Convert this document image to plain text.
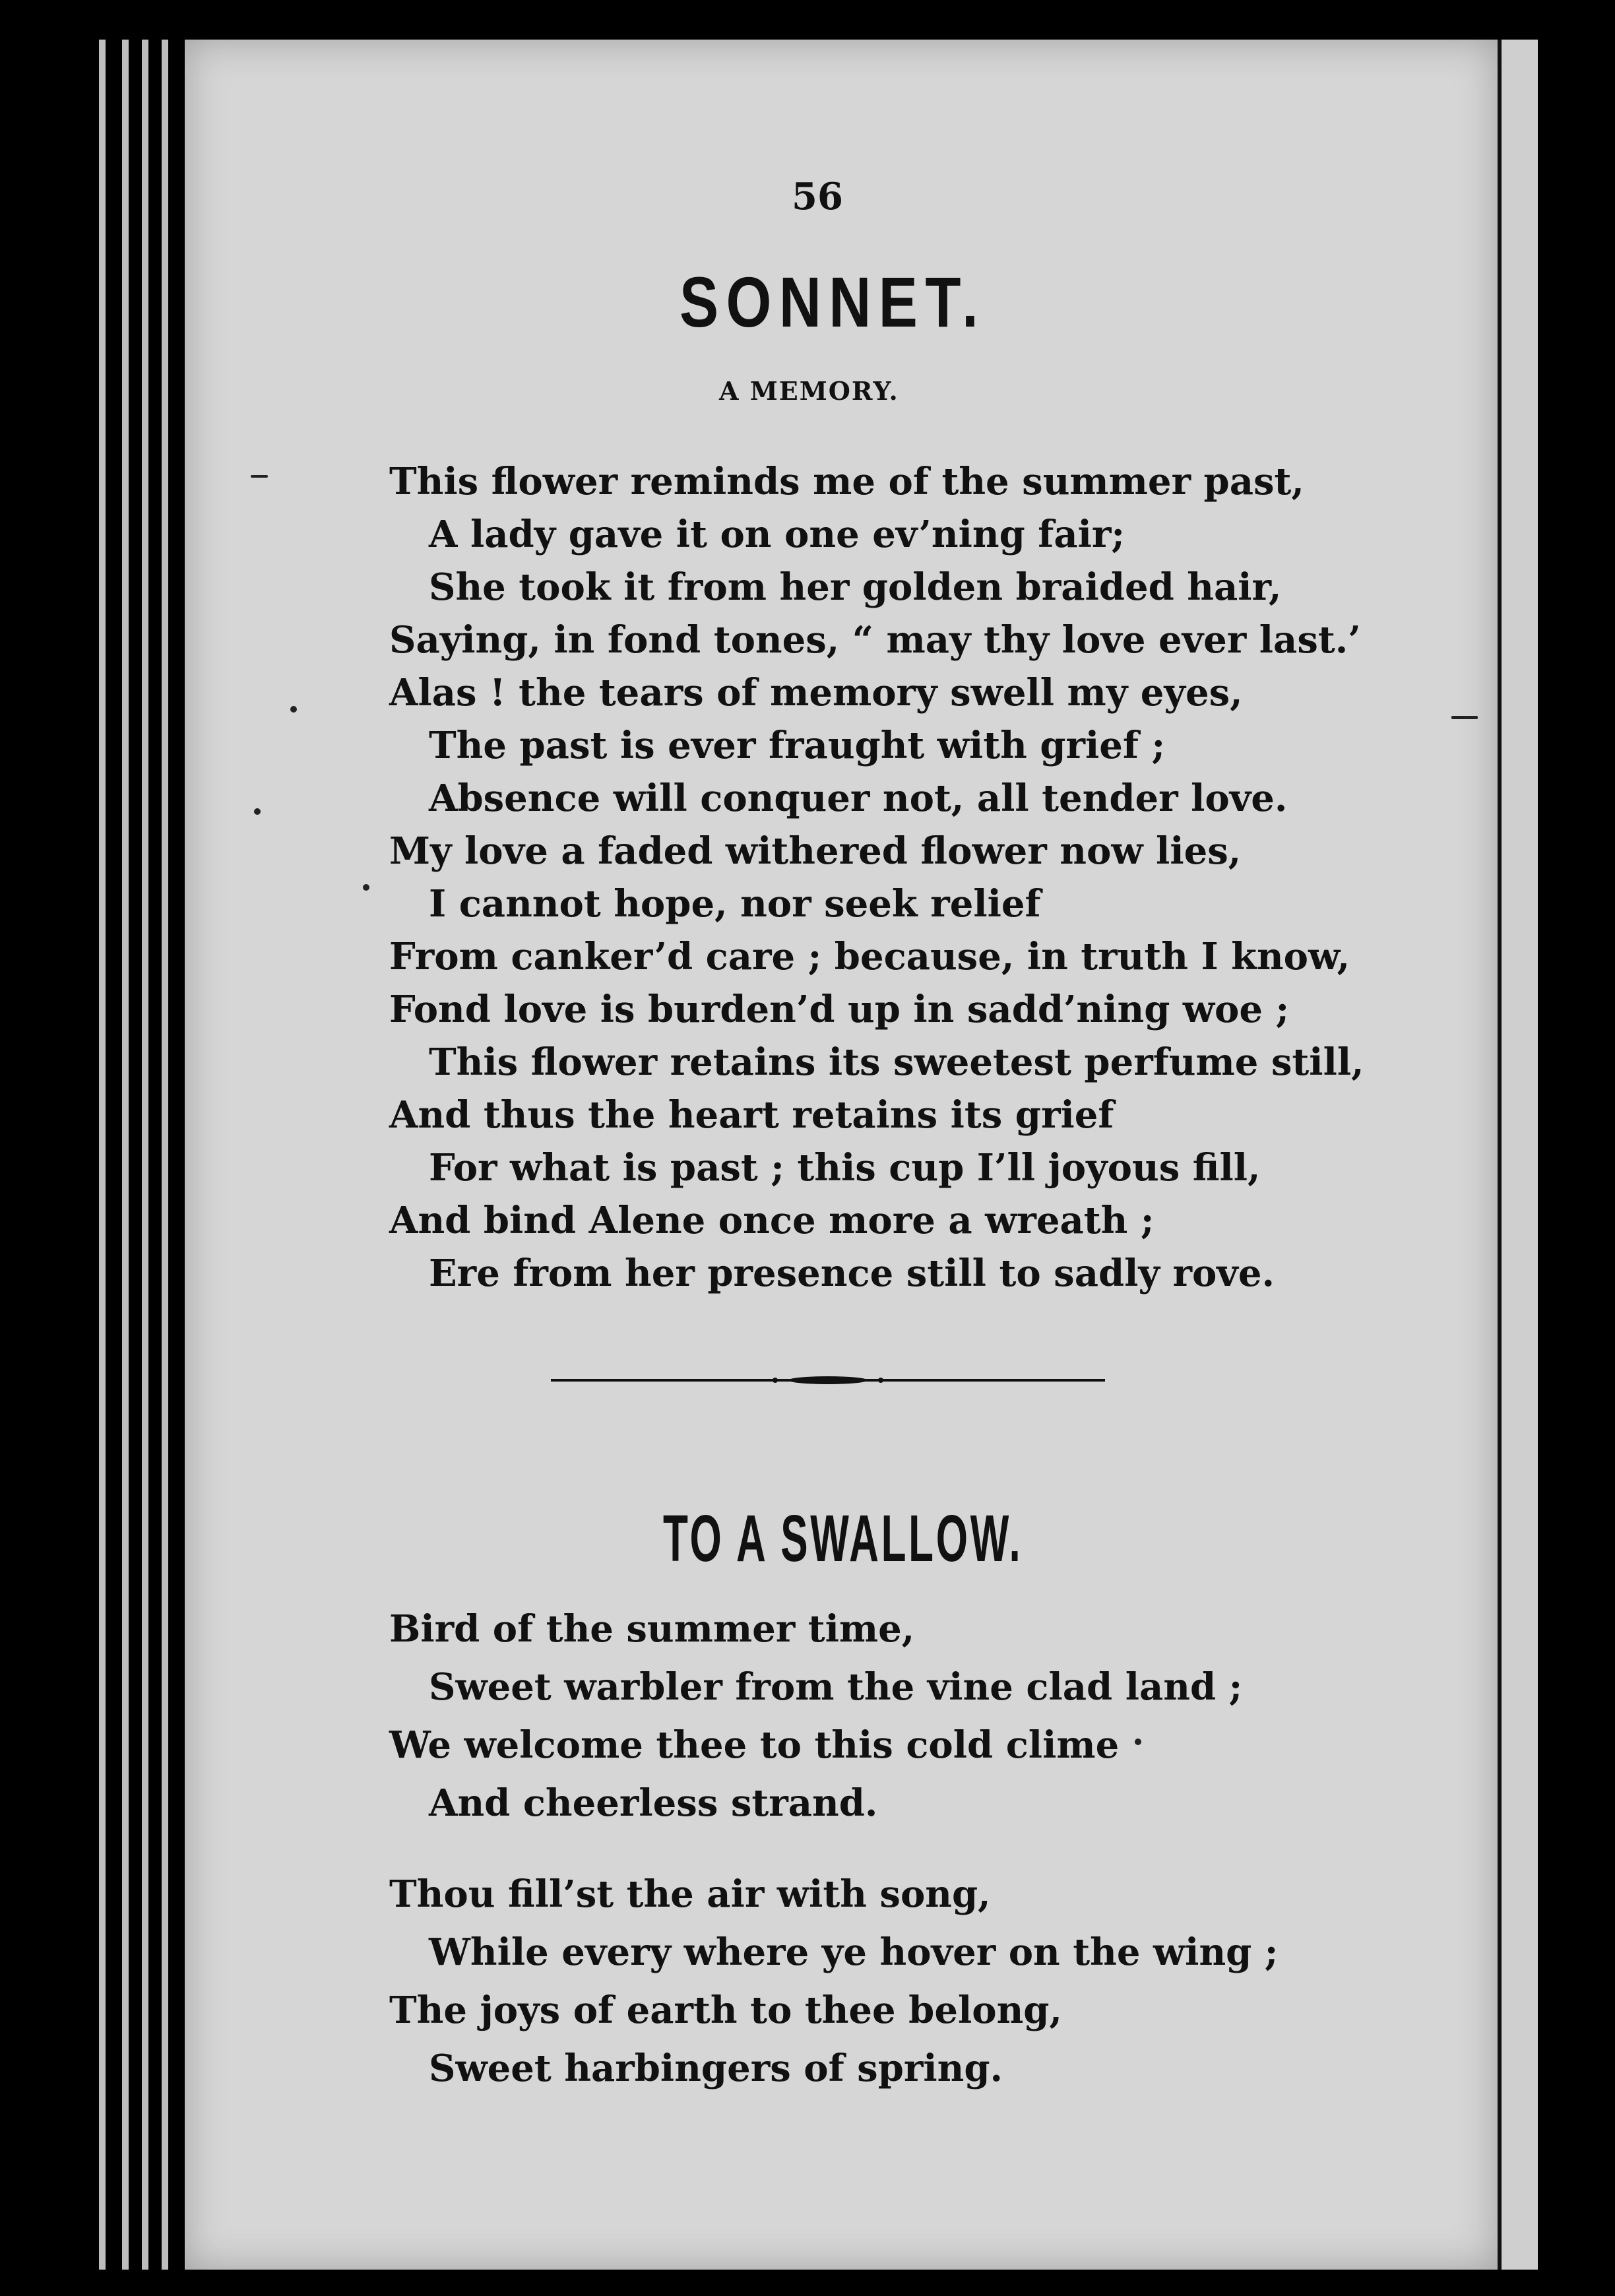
56
SONNET.
A MEMORY.
This flower reminds me of the summer past,
A lady gave it on one ev’ning fair;
She took it from her golden braided hair,
Saying, in fond tones, “ may thy love ever last.’
Alas ! the tears of memory swell my eyes,
The past is ever fraught with grief ;
Absence will conquer not, all tender love.
My love a faded withered flower now lies,
I cannot hope, nor seek relief
From canker’d care ; because, in truth I know,
Fond love is burden’d up in sadd’ning woe ;
This flower retains its sweetest perfume still,
And thus the heart retains its grief
For what is past ; this cup I’ll joyous fill,
And bind Alene once more a wreath ;
Ere from her presence still to sadly rove.
TO A SWALLOW.
Bird of the summer time,
Sweet warbler from the vine clad land ;
We welcome thee to this cold clime
And cheerless strand.
Thou fill’st the air with song,
While every where ye hover on the wing ;
The joys of earth to thee belong,
Sweet harbingers of spring.
